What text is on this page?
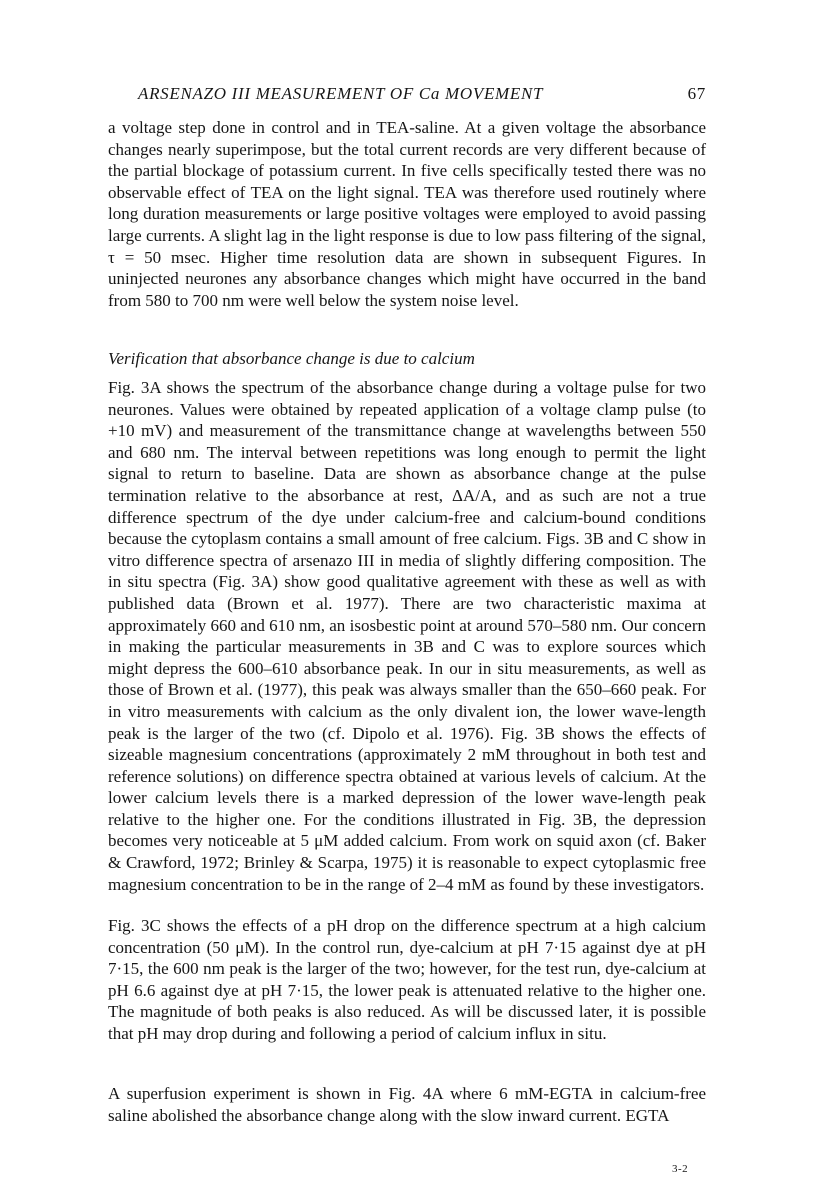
ARSENAZO III MEASUREMENT OF Ca MOVEMENT	67

a voltage step done in control and in TEA-saline. At a given voltage the absorbance changes nearly superimpose, but the total current records are very different because of the partial blockage of potassium current. In five cells specifically tested there was no observable effect of TEA on the light signal. TEA was therefore used routinely where long duration measurements or large positive voltages were employed to avoid passing large currents. A slight lag in the light response is due to low pass filtering of the signal, τ = 50 msec. Higher time resolution data are shown in subsequent Figures. In uninjected neurones any absorbance changes which might have occurred in the band from 580 to 700 nm were well below the system noise level.

Verification that absorbance change is due to calcium

Fig. 3A shows the spectrum of the absorbance change during a voltage pulse for two neurones. Values were obtained by repeated application of a voltage clamp pulse (to +10 mV) and measurement of the transmittance change at wavelengths between 550 and 680 nm. The interval between repetitions was long enough to permit the light signal to return to baseline. Data are shown as absorbance change at the pulse termination relative to the absorbance at rest, ΔA/A, and as such are not a true difference spectrum of the dye under calcium-free and calcium-bound conditions because the cytoplasm contains a small amount of free calcium. Figs. 3B and C show in vitro difference spectra of arsenazo III in media of slightly differing composition. The in situ spectra (Fig. 3A) show good qualitative agreement with these as well as with published data (Brown et al. 1977). There are two characteristic maxima at approximately 660 and 610 nm, an isosbestic point at around 570–580 nm. Our concern in making the particular measurements in 3B and C was to explore sources which might depress the 600–610 absorbance peak. In our in situ measurements, as well as those of Brown et al. (1977), this peak was always smaller than the 650–660 peak. For in vitro measurements with calcium as the only divalent ion, the lower wave-length peak is the larger of the two (cf. Dipolo et al. 1976). Fig. 3B shows the effects of sizeable magnesium concentrations (approximately 2 mM throughout in both test and reference solutions) on difference spectra obtained at various levels of calcium. At the lower calcium levels there is a marked depression of the lower wave-length peak relative to the higher one. For the conditions illustrated in Fig. 3B, the depression becomes very noticeable at 5 μM added calcium. From work on squid axon (cf. Baker & Crawford, 1972; Brinley & Scarpa, 1975) it is reasonable to expect cytoplasmic free magnesium concentration to be in the range of 2–4 mM as found by these investigators.

Fig. 3C shows the effects of a pH drop on the difference spectrum at a high calcium concentration (50 μM). In the control run, dye-calcium at pH 7·15 against dye at pH 7·15, the 600 nm peak is the larger of the two; however, for the test run, dye-calcium at pH 6.6 against dye at pH 7·15, the lower peak is attenuated relative to the higher one. The magnitude of both peaks is also reduced. As will be discussed later, it is possible that pH may drop during and following a period of calcium influx in situ.

A superfusion experiment is shown in Fig. 4A where 6 mM-EGTA in calcium-free saline abolished the absorbance change along with the slow inward current. EGTA

3-2
